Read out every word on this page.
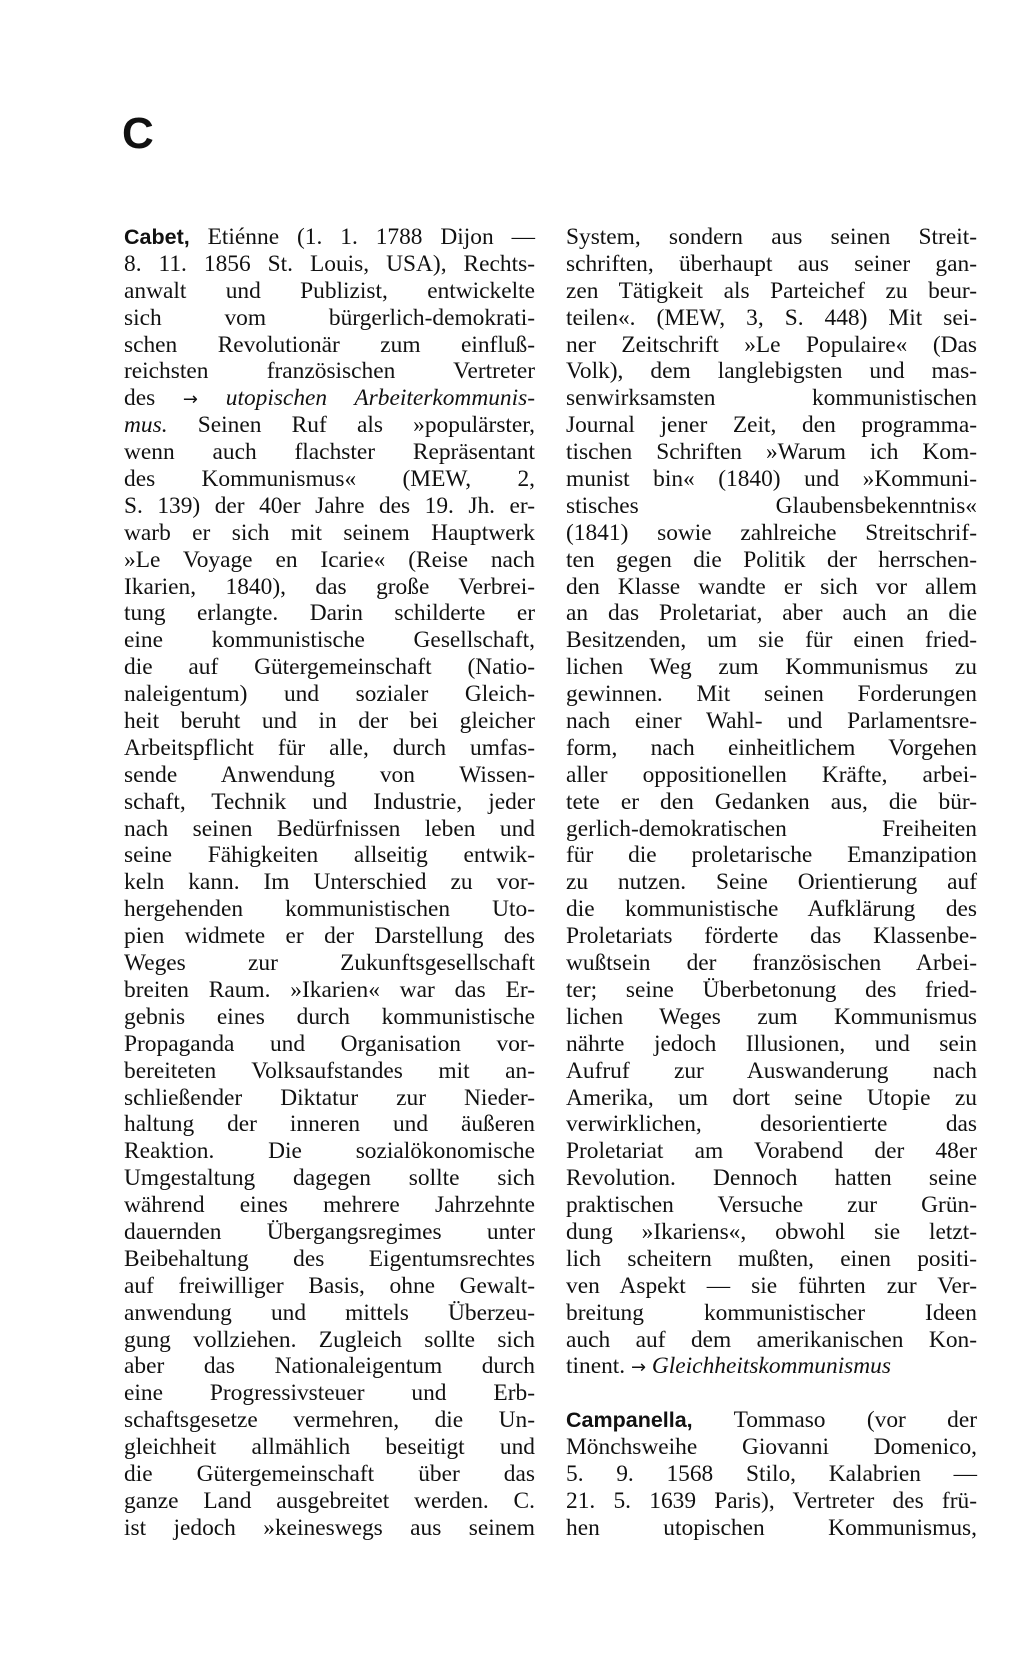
C
Cabet, Etiénne (1. 1. 1788 Dijon —
8. 11. 1856 St. Louis, USA), Rechts-
anwalt und Publizist, entwickelte
sich vom bürgerlich-demokrati-
schen Revolutionär zum einfluß-
reichsten französischen Vertreter
des → utopischen Arbeiterkommunis-
mus. Seinen Ruf als »populärster,
wenn auch flachster Repräsentant
des Kommunismus« (MEW, 2,
S. 139) der 40er Jahre des 19. Jh. er-
warb er sich mit seinem Hauptwerk
»Le Voyage en Icarie« (Reise nach
Ikarien, 1840), das große Verbrei-
tung erlangte. Darin schilderte er
eine kommunistische Gesellschaft,
die auf Gütergemeinschaft (Natio-
naleigentum) und sozialer Gleich-
heit beruht und in der bei gleicher
Arbeitspflicht für alle, durch umfas-
sende Anwendung von Wissen-
schaft, Technik und Industrie, jeder
nach seinen Bedürfnissen leben und
seine Fähigkeiten allseitig entwik-
keln kann. Im Unterschied zu vor-
hergehenden kommunistischen Uto-
pien widmete er der Darstellung des
Weges zur Zukunftsgesellschaft
breiten Raum. »Ikarien« war das Er-
gebnis eines durch kommunistische
Propaganda und Organisation vor-
bereiteten Volksaufstandes mit an-
schließender Diktatur zur Nieder-
haltung der inneren und äußeren
Reaktion. Die sozialökonomische
Umgestaltung dagegen sollte sich
während eines mehrere Jahrzehnte
dauernden Übergangsregimes unter
Beibehaltung des Eigentumsrechtes
auf freiwilliger Basis, ohne Gewalt-
anwendung und mittels Überzeu-
gung vollziehen. Zugleich sollte sich
aber das Nationaleigentum durch
eine Progressivsteuer und Erb-
schaftsgesetze vermehren, die Un-
gleichheit allmählich beseitigt und
die Gütergemeinschaft über das
ganze Land ausgebreitet werden. C.
ist jedoch »keineswegs aus seinem
System, sondern aus seinen Streit-
schriften, überhaupt aus seiner gan-
zen Tätigkeit als Parteichef zu beur-
teilen«. (MEW, 3, S. 448) Mit sei-
ner Zeitschrift »Le Populaire« (Das
Volk), dem langlebigsten und mas-
senwirksamsten kommunistischen
Journal jener Zeit, den programma-
tischen Schriften »Warum ich Kom-
munist bin« (1840) und »Kommuni-
stisches Glaubensbekenntnis«
(1841) sowie zahlreiche Streitschrif-
ten gegen die Politik der herrschen-
den Klasse wandte er sich vor allem
an das Proletariat, aber auch an die
Besitzenden, um sie für einen fried-
lichen Weg zum Kommunismus zu
gewinnen. Mit seinen Forderungen
nach einer Wahl- und Parlamentsre-
form, nach einheitlichem Vorgehen
aller oppositionellen Kräfte, arbei-
tete er den Gedanken aus, die bür-
gerlich-demokratischen Freiheiten
für die proletarische Emanzipation
zu nutzen. Seine Orientierung auf
die kommunistische Aufklärung des
Proletariats förderte das Klassenbe-
wußtsein der französischen Arbei-
ter; seine Überbetonung des fried-
lichen Weges zum Kommunismus
nährte jedoch Illusionen, und sein
Aufruf zur Auswanderung nach
Amerika, um dort seine Utopie zu
verwirklichen, desorientierte das
Proletariat am Vorabend der 48er
Revolution. Dennoch hatten seine
praktischen Versuche zur Grün-
dung »Ikariens«, obwohl sie letzt-
lich scheitern mußten, einen positi-
ven Aspekt — sie führten zur Ver-
breitung kommunistischer Ideen
auch auf dem amerikanischen Kon-
tinent. → Gleichheitskommunismus
Campanella, Tommaso (vor der
Mönchsweihe Giovanni Domenico,
5. 9. 1568 Stilo, Kalabrien —
21. 5. 1639 Paris), Vertreter des frü-
hen utopischen Kommunismus,
